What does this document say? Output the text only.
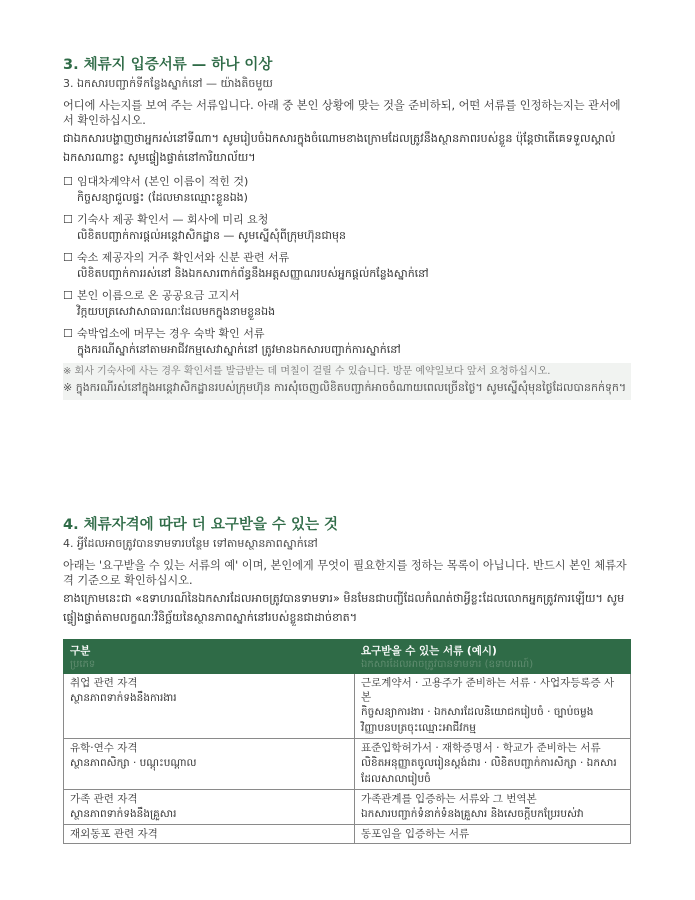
3. 체류지 입증서류 — 하나 이상
3. ឯកសារបញ្ជាក់ទីកន្លែងស្នាក់នៅ — យ៉ាងតិចមួយ

어디에 사는지를 보여 주는 서류입니다. 아래 중 본인 상황에 맞는 것을 준비하되, 어떤 서류를 인정하는지는 관서에서 확인하십시오.

ជាឯកសារបង្ហាញថាអ្នករស់នៅទីណា។ សូមរៀបចំឯកសារក្នុងចំណោមខាងក្រោមដែលត្រូវនឹងស្ថានភាពរបស់ខ្លួន ប៉ុន្តែថាតើគេទទួលស្គាល់ឯកសារណាខ្លះ សូមផ្ទៀងផ្ទាត់នៅការិយាល័យ។

☐ 임대차계약서 (본인 이름이 적힌 것)
កិច្ចសន្យាជួលផ្ទះ (ដែលមានឈ្មោះខ្លួនឯង)
☐ 기숙사 제공 확인서 — 회사에 미리 요청
លិខិតបញ្ជាក់ការផ្តល់អន្តេវាសិកដ្ឋាន — សូមស្នើសុំពីក្រុមហ៊ុនជាមុន
☐ 숙소 제공자의 거주 확인서와 신분 관련 서류
លិខិតបញ្ជាក់ការរស់នៅ និងឯកសារពាក់ព័ន្ធនឹងអត្តសញ្ញាណរបស់អ្នកផ្តល់កន្លែងស្នាក់នៅ
☐ 본인 이름으로 온 공공요금 고지서
វិក្កយបត្រសេវាសាធារណៈដែលមកក្នុងនាមខ្លួនឯង
☐ 숙박업소에 머무는 경우 숙박 확인 서류
ក្នុងករណីស្នាក់នៅតាមអាជីវកម្មសេវាស្នាក់នៅ ត្រូវមានឯកសារបញ្ជាក់ការស្នាក់នៅ
※ 회사 기숙사에 사는 경우 확인서를 발급받는 데 며칠이 걸릴 수 있습니다. 방문 예약일보다 앞서 요청하십시오.
※ ក្នុងករណីរស់នៅក្នុងអន្តេវាសិកដ្ឋានរបស់ក្រុមហ៊ុន ការសុំចេញលិខិតបញ្ជាក់អាចចំណាយពេលច្រើនថ្ងៃ។ សូមស្នើសុំមុនថ្ងៃដែលបានកក់ទុក។
4. 체류자격에 따라 더 요구받을 수 있는 것
4. អ្វីដែលអាចត្រូវបានទាមទារបន្ថែម ទៅតាមស្ថានភាពស្នាក់នៅ

아래는 '요구받을 수 있는 서류의 예' 이며, 본인에게 무엇이 필요한지를 정하는 목록이 아닙니다. 반드시 본인 체류자격 기준으로 확인하십시오.

ខាងក្រោមនេះជា «ឧទាហរណ៍នៃឯកសារដែលអាចត្រូវបានទាមទារ» មិនមែនជាបញ្ជីដែលកំណត់ថាអ្វីខ្លះដែលលោកអ្នកត្រូវការឡើយ។ សូមផ្ទៀងផ្ទាត់តាមលក្ខណៈវិនិច្ឆ័យនៃស្ថានភាពស្នាក់នៅរបស់ខ្លួនជាដាច់ខាត។

구분
ប្រភេទ	요구받을 수 있는 서류 (예시)
ឯកសារដែលអាចត្រូវបានទាមទារ (ឧទាហរណ៍)

취업 관련 자격
ស្ថានភាពទាក់ទងនឹងការងារ	근로계약서 · 고용주가 준비하는 서류 · 사업자등록증 사본
កិច្ចសន្យាការងារ · ឯកសារដែលនិយោជករៀបចំ · ច្បាប់ចម្លងវិញ្ញាបនបត្រចុះឈ្មោះអាជីវកម្ម

유학·연수 자격
ស្ថានភាពសិក្សា · បណ្តុះបណ្តាល	표준입학허가서 · 재학증명서 · 학교가 준비하는 서류
លិខិតអនុញ្ញាតចូលរៀនស្តង់ដារ · លិខិតបញ្ជាក់ការសិក្សា · ឯកសារដែលសាលារៀបចំ

가족 관련 자격
ស្ថានភាពទាក់ទងនឹងគ្រួសារ	가족관계를 입증하는 서류와 그 번역본
ឯកសារបញ្ជាក់ទំនាក់ទំនងគ្រួសារ និងសេចក្តីបកប្រែរបស់វា

재외동포 관련 자격	동포임을 입증하는 서류
